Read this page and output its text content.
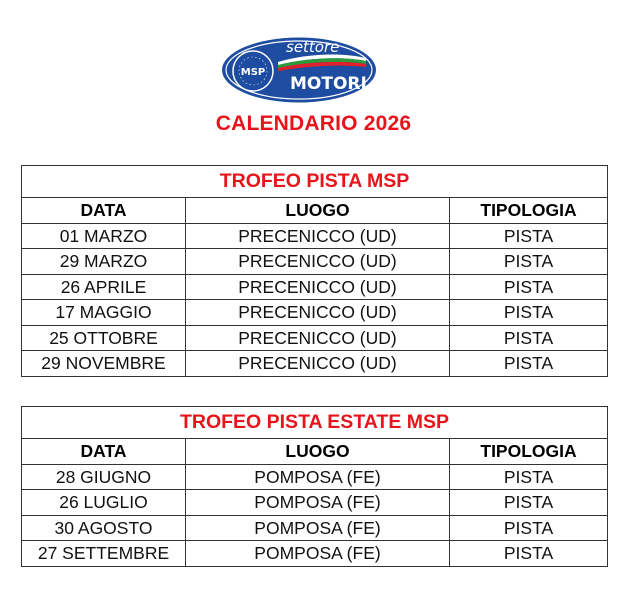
settore
MSP
MOTORI
CALENDARIO 2026
TROFEO PISTA MSP		
DATA	LUOGO	TIPOLOGIA
01 MARZO	PRECENICCO (UD)	PISTA
29 MARZO	PRECENICCO (UD)	PISTA
26 APRILE	PRECENICCO (UD)	PISTA
17 MAGGIO	PRECENICCO (UD)	PISTA
25 OTTOBRE	PRECENICCO (UD)	PISTA
29 NOVEMBRE	PRECENICCO (UD)	PISTA
TROFEO PISTA ESTATE MSP		
DATA	LUOGO	TIPOLOGIA
28 GIUGNO	POMPOSA (FE)	PISTA
26 LUGLIO	POMPOSA (FE)	PISTA
30 AGOSTO	POMPOSA (FE)	PISTA
27 SETTEMBRE	POMPOSA (FE)	PISTA
